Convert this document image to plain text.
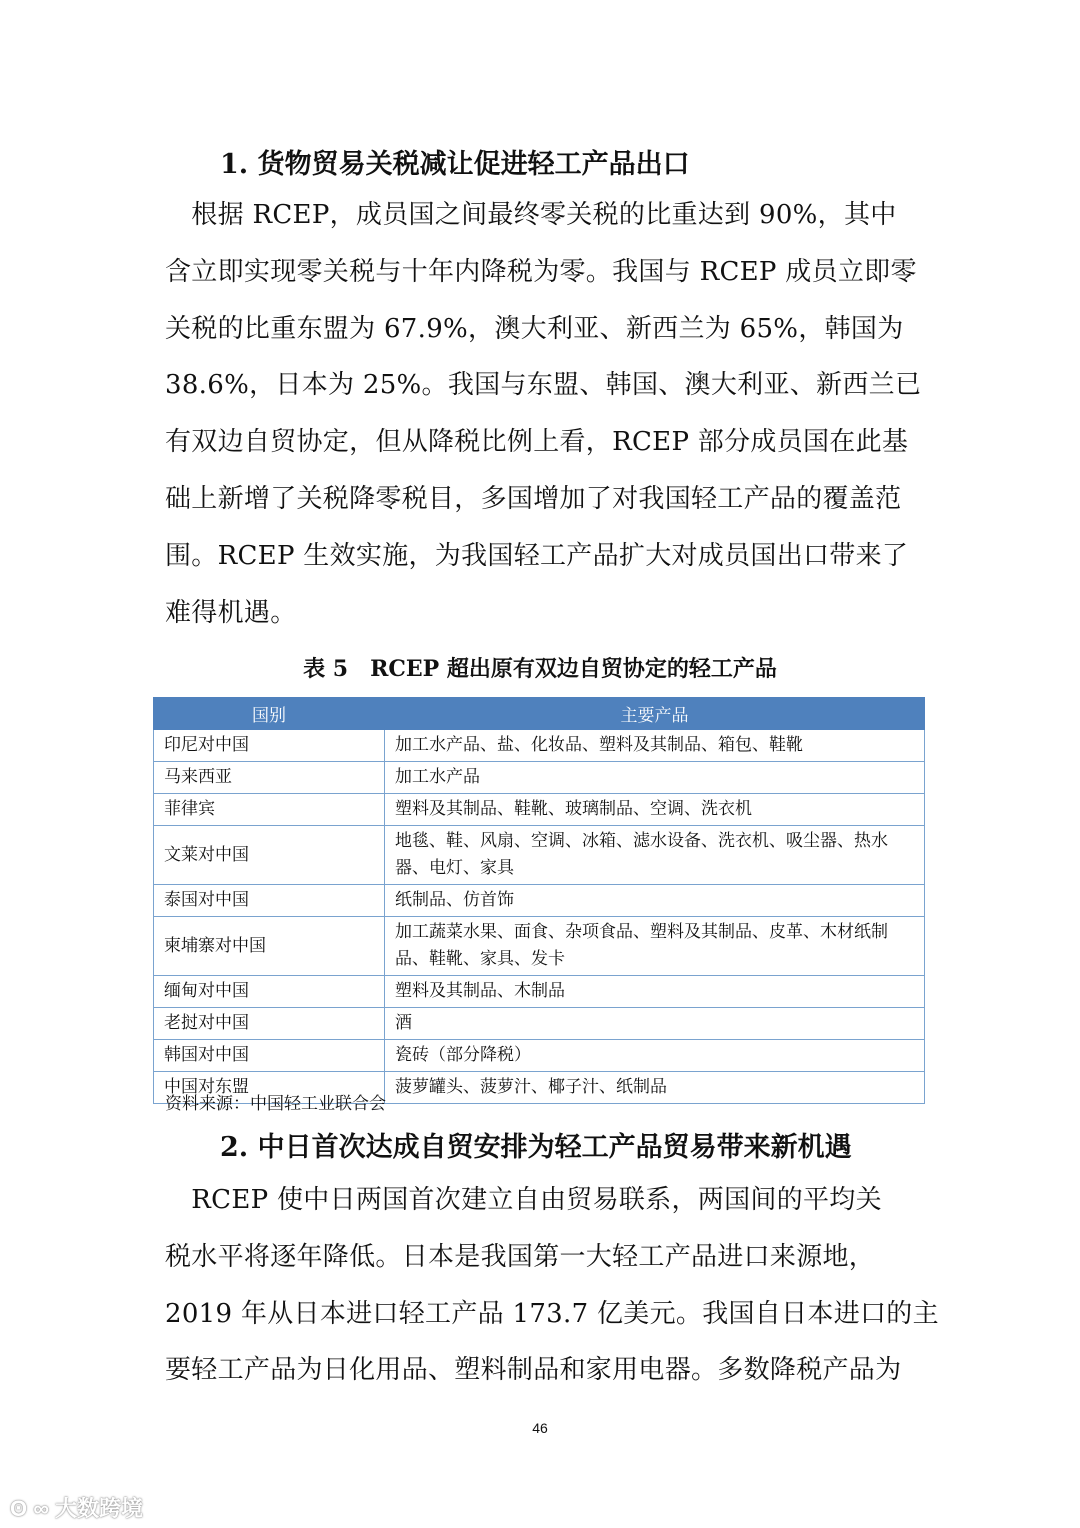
1. 货物贸易关税减让促进轻工产品出口
　根据 RCEP，成员国之间最终零关税的比重达到 90%，其中
含立即实现零关税与十年内降税为零。我国与 RCEP 成员立即零
关税的比重东盟为 67.9%，澳大利亚、新西兰为 65%，韩国为
38.6%，日本为 25%。我国与东盟、韩国、澳大利亚、新西兰已
有双边自贸协定，但从降税比例上看，RCEP 部分成员国在此基
础上新增了关税降零税目，多国增加了对我国轻工产品的覆盖范
围。RCEP 生效实施，为我国轻工产品扩大对成员国出口带来了
难得机遇。
表 5　RCEP 超出原有双边自贸协定的轻工产品
国别	主要产品
印尼对中国	加工水产品、盐、化妆品、塑料及其制品、箱包、鞋靴
马来西亚	加工水产品
菲律宾	塑料及其制品、鞋靴、玻璃制品、空调、洗衣机
文莱对中国	地毯、鞋、风扇、空调、冰箱、滤水设备、洗衣机、吸尘器、热水器、电灯、家具
泰国对中国	纸制品、仿首饰
柬埔寨对中国	加工蔬菜水果、面食、杂项食品、塑料及其制品、皮革、木材纸制品、鞋靴、家具、发卡
缅甸对中国	塑料及其制品、木制品
老挝对中国	酒
韩国对中国	瓷砖（部分降税）
中国对东盟	菠萝罐头、菠萝汁、椰子汁、纸制品
资料来源：中国轻工业联合会
2. 中日首次达成自贸安排为轻工产品贸易带来新机遇
　RCEP 使中日两国首次建立自由贸易联系，两国间的平均关
税水平将逐年降低。日本是我国第一大轻工产品进口来源地，
2019 年从日本进口轻工产品 173.7 亿美元。我国自日本进口的主
要轻工产品为日化用品、塑料制品和家用电器。多数降税产品为
46
ʘ ∞ 大数跨境
